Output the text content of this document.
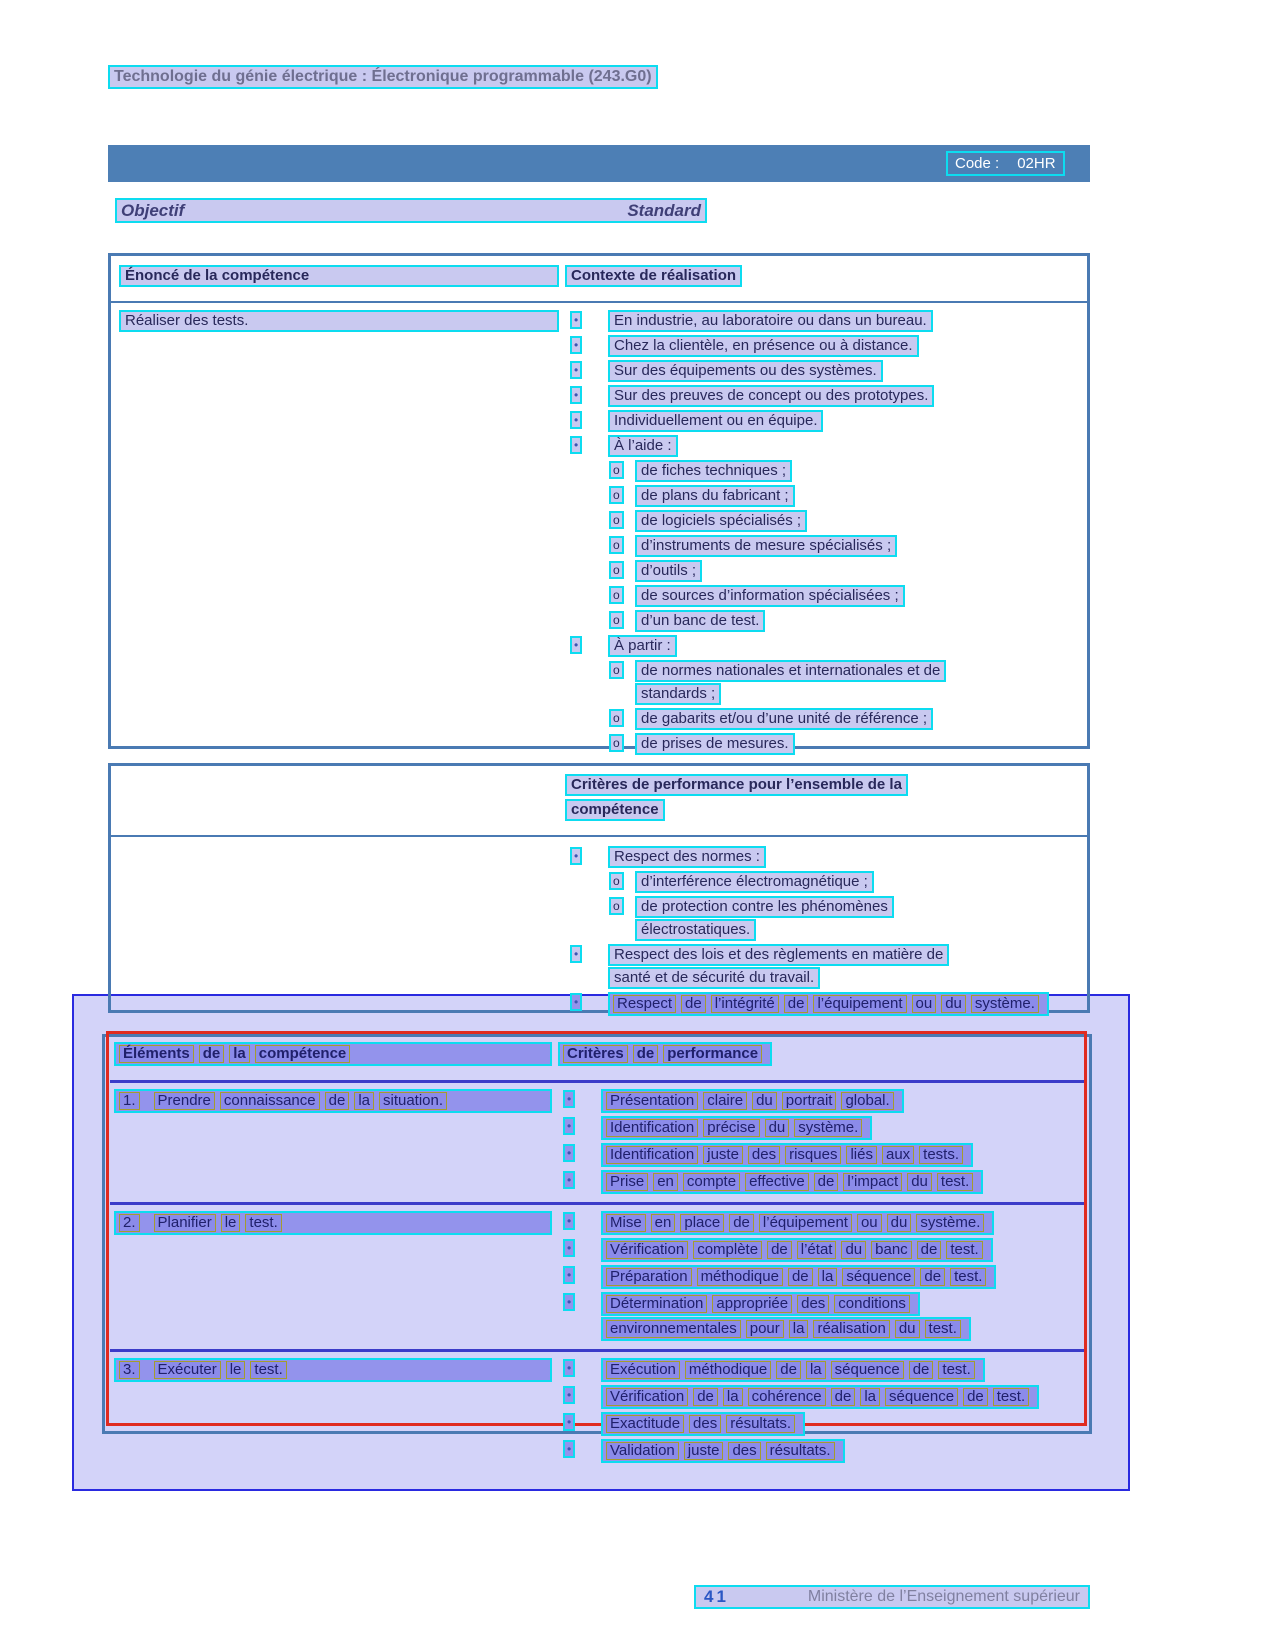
Technologie du génie électrique : Électronique programmable (243.G0)
Code : 02HR
Objectif	Standard
Énoncé de la compétence	Contexte de réalisation
Réaliser des tests.	•	En industrie, au laboratoire ou dans un bureau.
•	Chez la clientèle, en présence ou à distance.
•	Sur des équipements ou des systèmes.
•	Sur des preuves de concept ou des prototypes.
•	Individuellement ou en équipe.
•	À l’aide :
o	de fiches techniques ;
o	de plans du fabricant ;
o	de logiciels spécialisés ;
o	d’instruments de mesure spécialisés ;
o	d’outils ;
o	de sources d’information spécialisées ;
o	d’un banc de test.
•	À partir :
o	de normes nationales et internationales et de
standards ;
o	de gabarits et/ou d’une unité de référence ;
o	de prises de mesures.
Critères de performance pour l’ensemble de la
compétence
•	Respect des normes :
o	d’interférence électromagnétique ;
o	de protection contre les phénomènes
électrostatiques.
•	Respect des lois et des règlements en matière de
santé et de sécurité du travail.
•	Respect de l’intégrité de l’équipement ou du système.
Éléments de la compétence	Critères de performance
1. Prendre connaissance de la situation.	•	Présentation claire du portrait global.
•	Identification précise du système.
•	Identification juste des risques liés aux tests.
•	Prise en compte effective de l’impact du test.
2. Planifier le test.	•	Mise en place de l’équipement ou du système.
•	Vérification complète de l’état du banc de test.
•	Préparation méthodique de la séquence de test.
•	Détermination appropriée des conditions
environnementales pour la réalisation du test.
3. Exécuter le test.	•	Exécution méthodique de la séquence de test.
•	Vérification de la cohérence de la séquence de test.
•	Exactitude des résultats.
•	Validation juste des résultats.
41	Ministère de l’Enseignement supérieur
